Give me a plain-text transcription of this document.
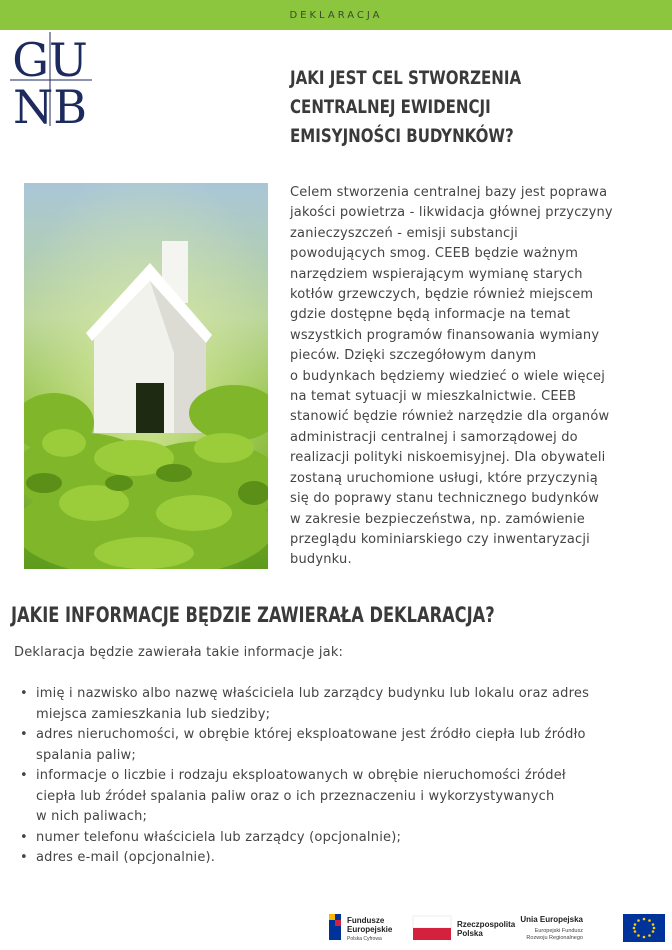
DEKLARACJA
GU
NB
JAKI JEST CEL STWORZENIA
CENTRALNEJ EWIDENCJI
EMISYJNOŚCI BUDYNKÓW?
Celem stworzenia centralnej bazy jest poprawa
jakości powietrza - likwidacja głównej przyczyny
zanieczyszczeń - emisji substancji
powodujących smog. CEEB będzie ważnym
narzędziem wspierającym wymianę starych
kotłów grzewczych, będzie również miejscem
gdzie dostępne będą informacje na temat
wszystkich programów finansowania wymiany
pieców. Dzięki szczegółowym danym
o budynkach będziemy wiedzieć o wiele więcej
na temat sytuacji w mieszkalnictwie. CEEB
stanowić będzie również narzędzie dla organów
administracji centralnej i samorządowej do
realizacji polityki niskoemisyjnej. Dla obywateli
zostaną uruchomione usługi, które przyczynią
się do poprawy stanu technicznego budynków
w zakresie bezpieczeństwa, np. zamówienie
przeglądu kominiarskiego czy inwentaryzacji
budynku.
JAKIE INFORMACJE BĘDZIE ZAWIERAŁA DEKLARACJA?
Deklaracja będzie zawierała takie informacje jak:
• imię i nazwisko albo nazwę właściciela lub zarządcy budynku lub lokalu oraz adres
miejsca zamieszkania lub siedziby;
• adres nieruchomości, w obrębie której eksploatowane jest źródło ciepła lub źródło
spalania paliw;
• informacje o liczbie i rodzaju eksploatowanych w obrębie nieruchomości źródeł
ciepła lub źródeł spalania paliw oraz o ich przeznaczeniu i wykorzystywanych
w nich paliwach;
• numer telefonu właściciela lub zarządcy (opcjonalnie);
• adres e-mail (opcjonalnie).
Fundusze
Europejskie
Polska Cyfrowa
Rzeczpospolita
Polska
Unia Europejska
Europejski Fundusz
Rozwoju Regionalnego
